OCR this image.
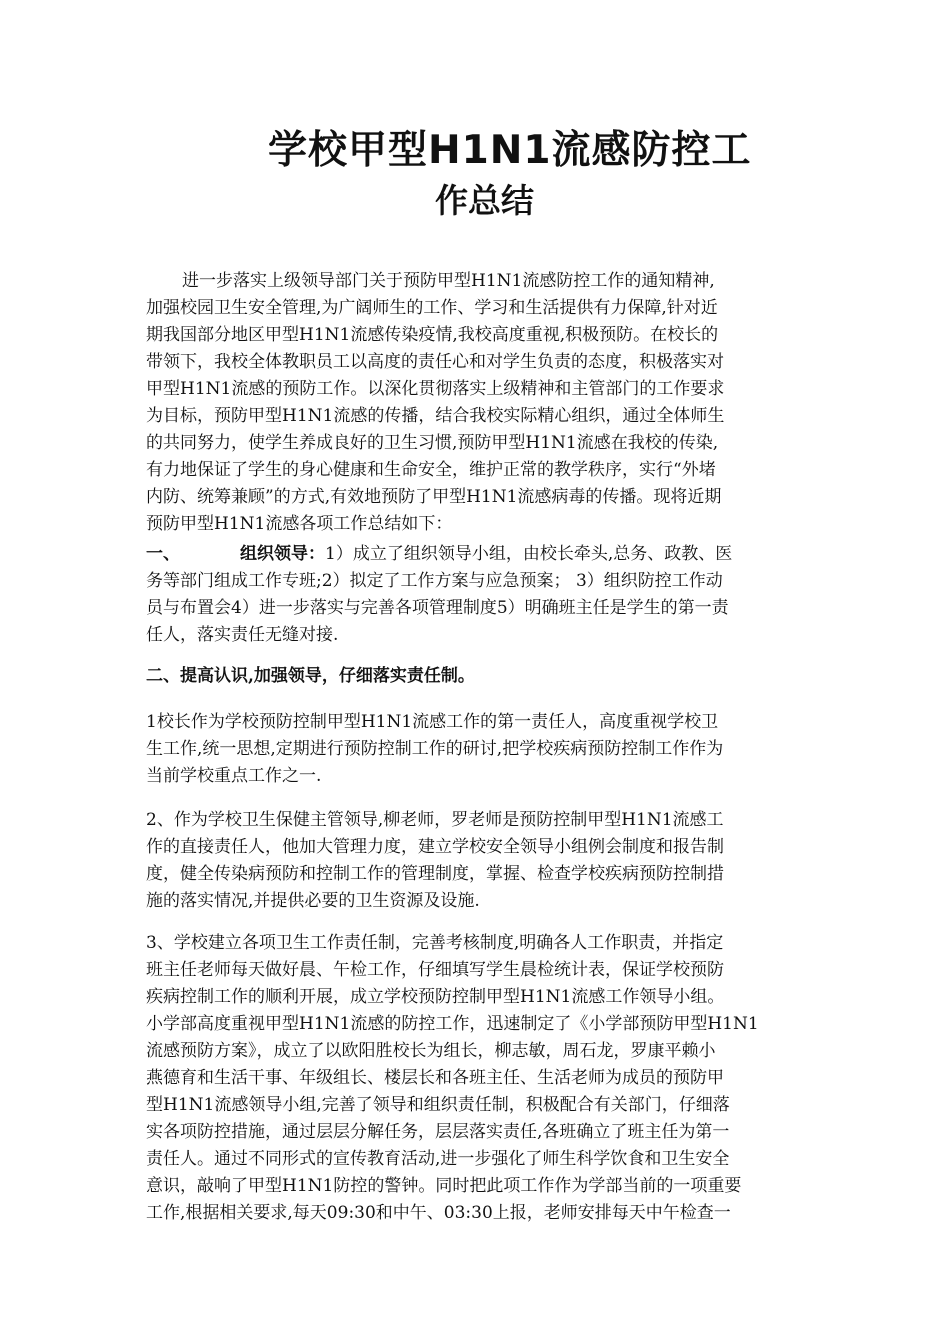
学校甲型H1N1流感防控工
作总结
进一步落实上级领导部门关于预防甲型H1N1流感防控工作的通知精神,
加强校园卫生安全管理,为广阔师生的工作、学习和生活提供有力保障,针对近
期我国部分地区甲型H1N1流感传染疫情,我校高度重视,积极预防。在校长的
带领下，我校全体教职员工以高度的责任心和对学生负责的态度，积极落实对
甲型H1N1流感的预防工作。以深化贯彻落实上级精神和主管部门的工作要求
为目标，预防甲型H1N1流感的传播，结合我校实际精心组织，通过全体师生
的共同努力，使学生养成良好的卫生习惯,预防甲型H1N1流感在我校的传染,
有力地保证了学生的身心健康和生命安全，维护正常的教学秩序，实行“外堵
内防、统筹兼顾”的方式,有效地预防了甲型H1N1流感病毒的传播。现将近期
预防甲型H1N1流感各项工作总结如下：
一、	组织领导：1）成立了组织领导小组，由校长牵头,总务、政教、医
务等部门组成工作专班;2）拟定了工作方案与应急预案； 3）组织防控工作动
员与布置会4）进一步落实与完善各项管理制度5）明确班主任是学生的第一责
任人，落实责任无缝对接.
二、提高认识,加强领导，仔细落实责任制。
1校长作为学校预防控制甲型H1N1流感工作的第一责任人，高度重视学校卫
生工作,统一思想,定期进行预防控制工作的研讨,把学校疾病预防控制工作作为
当前学校重点工作之一.
2、作为学校卫生保健主管领导,柳老师，罗老师是预防控制甲型H1N1流感工
作的直接责任人，他加大管理力度，建立学校安全领导小组例会制度和报告制
度，健全传染病预防和控制工作的管理制度，掌握、检查学校疾病预防控制措
施的落实情况,并提供必要的卫生资源及设施.
3、学校建立各项卫生工作责任制，完善考核制度,明确各人工作职责，并指定
班主任老师每天做好晨、午检工作，仔细填写学生晨检统计表，保证学校预防
疾病控制工作的顺利开展，成立学校预防控制甲型H1N1流感工作领导小组。
小学部高度重视甲型H1N1流感的防控工作，迅速制定了《小学部预防甲型H1N1
流感预防方案》，成立了以欧阳胜校长为组长，柳志敏，周石龙，罗康平赖小
燕德育和生活干事、年级组长、楼层长和各班主任、生活老师为成员的预防甲
型H1N1流感领导小组,完善了领导和组织责任制，积极配合有关部门，仔细落
实各项防控措施，通过层层分解任务，层层落实责任,各班确立了班主任为第一
责任人。通过不同形式的宣传教育活动,进一步强化了师生科学饮食和卫生安全
意识，敲响了甲型H1N1防控的警钟。同时把此项工作作为学部当前的一项重要
工作,根据相关要求,每天09:30和中午、03:30上报，老师安排每天中午检查一
